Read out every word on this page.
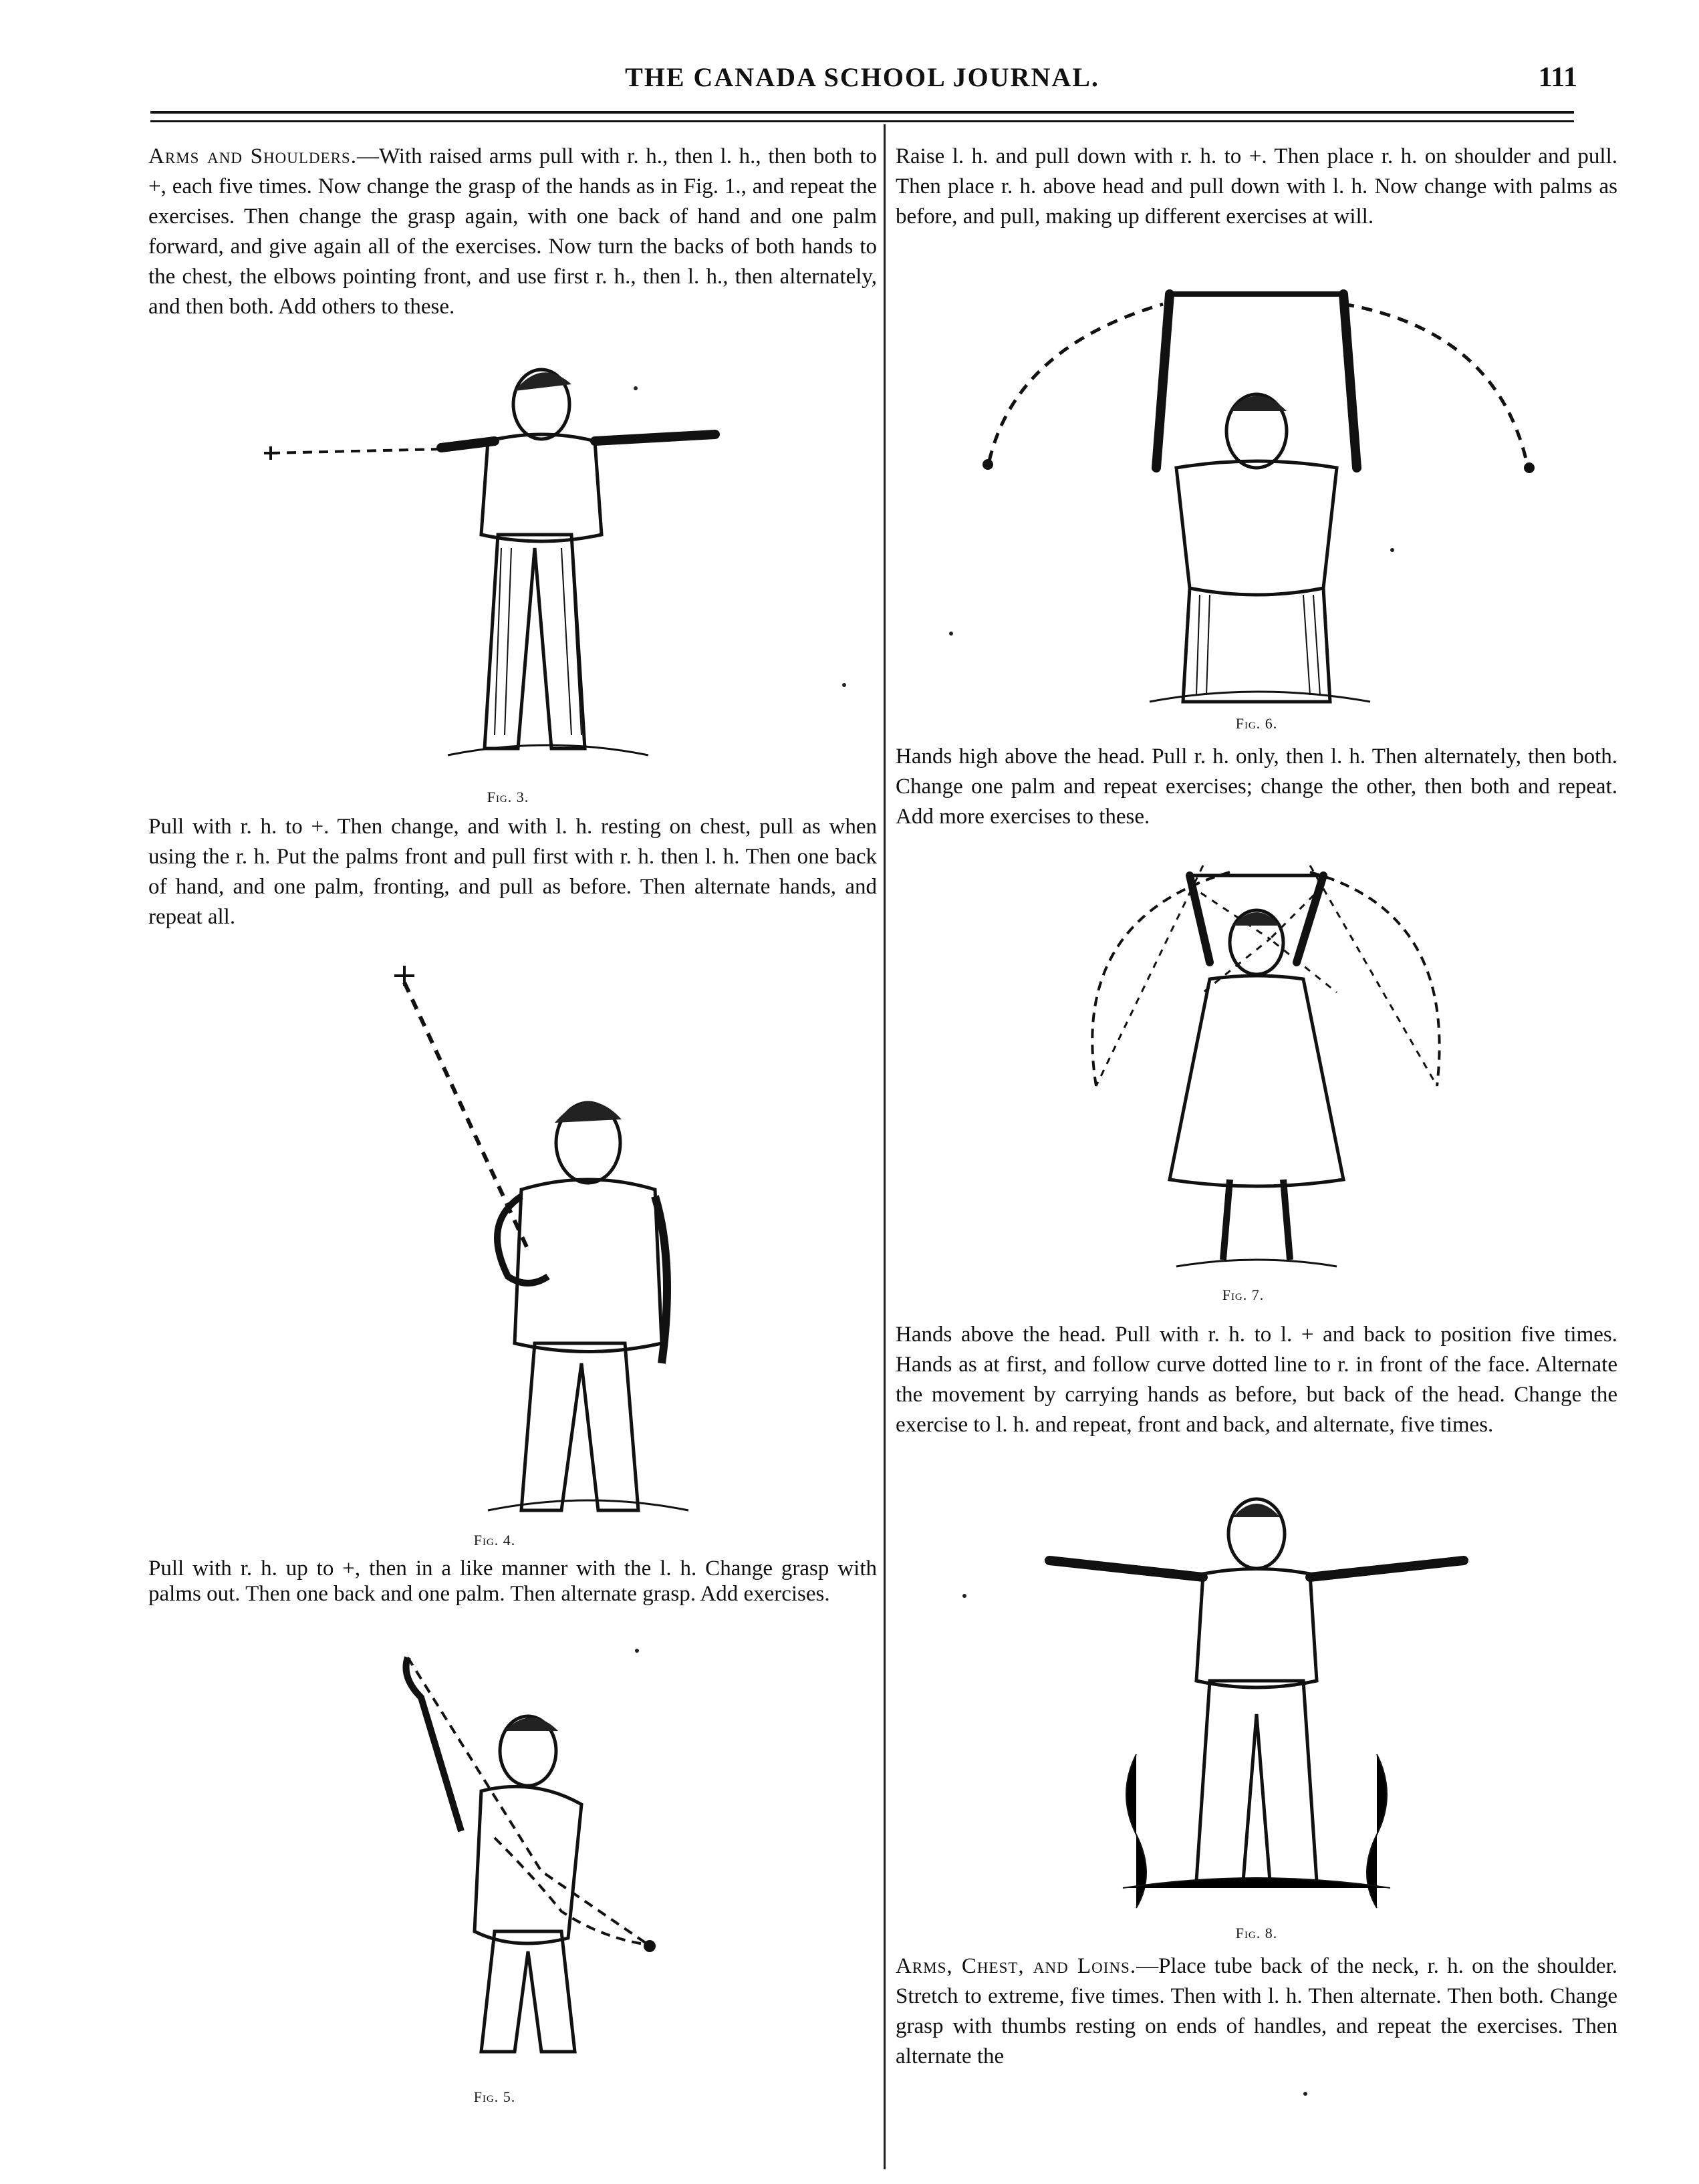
THE CANADA SCHOOL JOURNAL.	111

Arms and Shoulders.—With raised arms pull with r. h., then l. h., then both to +, each five times. Now change the grasp of the hands as in Fig. 1., and repeat the exercises. Then change the grasp again, with one back of hand and one palm forward, and give again all of the exercises. Now turn the backs of both hands to the chest, the elbows pointing front, and use first r. h., then l. h., then alternately, and then both. Add others to these.

Fig. 3.

Pull with r. h. to +. Then change, and with l. h. resting on chest, pull as when using the r. h. Put the palms front and pull first with r. h. then l. h. Then one back of hand, and one palm, fronting, and pull as before. Then alternate hands, and repeat all.

Fig. 4.

Pull with r. h. up to +, then in a like manner with the l. h. Change grasp with palms out. Then one back and one palm. Then alternate grasp. Add exercises.

Fig. 5.

Raise l. h. and pull down with r. h. to +. Then place r. h. on shoulder and pull. Then place r. h. above head and pull down with l. h. Now change with palms as before, and pull, making up different exercises at will.

Fig. 6.

Hands high above the head. Pull r. h. only, then l. h. Then alternately, then both. Change one palm and repeat exercises; change the other, then both and repeat. Add more exercises to these.

Fig. 7.

Hands above the head. Pull with r. h. to l. + and back to position five times. Hands as at first, and follow curve dotted line to r. in front of the face. Alternate the movement by carrying hands as before, but back of the head. Change the exercise to l. h. and repeat, front and back, and alternate, five times.

Fig. 8.

Arms, Chest, and Loins.—Place tube back of the neck, r. h. on the shoulder. Stretch to extreme, five times. Then with l. h. Then alternate. Then both. Change grasp with thumbs resting on ends of handles, and repeat the exercises. Then alternate the
